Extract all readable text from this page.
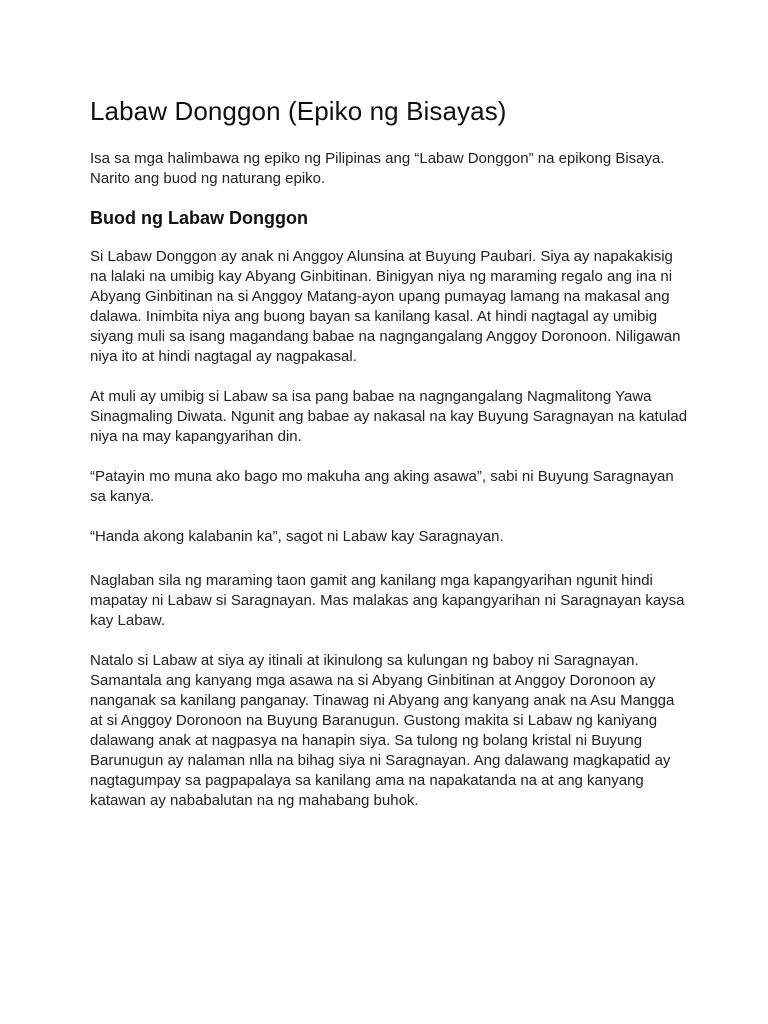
Labaw Donggon (Epiko ng Bisayas)

Isa sa mga halimbawa ng epiko ng Pilipinas ang “Labaw Donggon” na epikong Bisaya. Narito ang buod ng naturang epiko.

Buod ng Labaw Donggon

Si Labaw Donggon ay anak ni Anggoy Alunsina at Buyung Paubari. Siya ay napakakisig na lalaki na umibig kay Abyang Ginbitinan. Binigyan niya ng maraming regalo ang ina ni Abyang Ginbitinan na si Anggoy Matang-ayon upang pumayag lamang na makasal ang dalawa. Inimbita niya ang buong bayan sa kanilang kasal. At hindi nagtagal ay umibig siyang muli sa isang magandang babae na nagngangalang Anggoy Doronoon. Niligawan niya ito at hindi nagtagal ay nagpakasal.

At muli ay umibig si Labaw sa isa pang babae na nagngangalang Nagmalitong Yawa Sinagmaling Diwata. Ngunit ang babae ay nakasal na kay Buyung Saragnayan na katulad niya na may kapangyarihan din.

“Patayin mo muna ako bago mo makuha ang aking asawa”, sabi ni Buyung Saragnayan sa kanya.

“Handa akong kalabanin ka”, sagot ni Labaw kay Saragnayan.

Naglaban sila ng maraming taon gamit ang kanilang mga kapangyarihan ngunit hindi mapatay ni Labaw si Saragnayan. Mas malakas ang kapangyarihan ni Saragnayan kaysa kay Labaw.

Natalo si Labaw at siya ay itinali at ikinulong sa kulungan ng baboy ni Saragnayan. Samantala ang kanyang mga asawa na si Abyang Ginbitinan at Anggoy Doronoon ay nanganak sa kanilang panganay. Tinawag ni Abyang ang kanyang anak na Asu Mangga at si Anggoy Doronoon na Buyung Baranugun. Gustong makita si Labaw ng kaniyang dalawang anak at nagpasya na hanapin siya. Sa tulong ng bolang kristal ni Buyung Barunugun ay nalaman nlla na bihag siya ni Saragnayan. Ang dalawang magkapatid ay nagtagumpay sa pagpapalaya sa kanilang ama na napakatanda na at ang kanyang katawan ay nababalutan na ng mahabang buhok.
